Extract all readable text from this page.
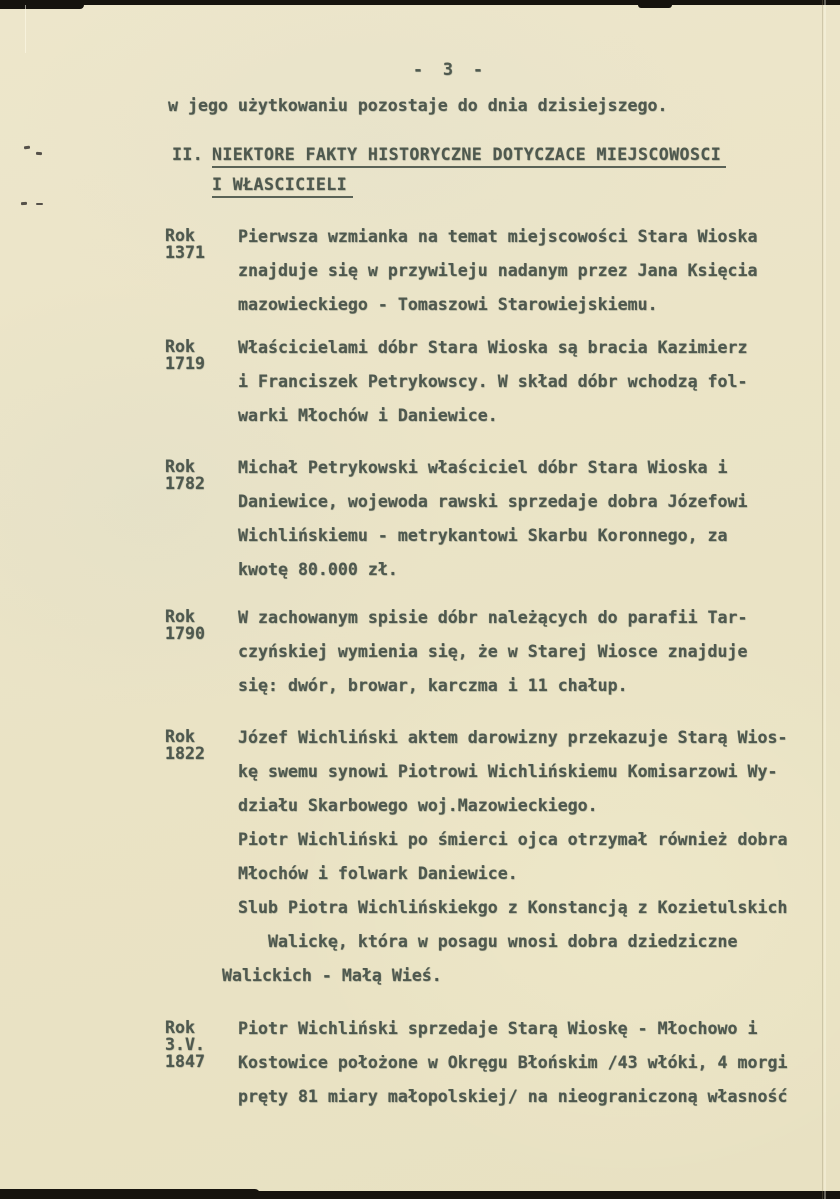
-  3  -
w jego użytkowaniu pozostaje do dnia dzisiejszego.
II. NIEKTORE FAKTY HISTORYCZNE DOTYCZACE MIEJSCOWOSCI
I WŁASCICIELI
Rok
1371
Pierwsza wzmianka na temat miejscowości Stara Wioska
znajduje się w przywileju nadanym przez Jana Księcia
mazowieckiego - Tomaszowi Starowiejskiemu.
Rok
1719
Właścicielami dóbr Stara Wioska są bracia Kazimierz
i Franciszek Petrykowscy. W skład dóbr wchodzą fol-
warki Młochów i Daniewice.
Rok
1782
Michał Petrykowski właściciel dóbr Stara Wioska i
Daniewice, wojewoda rawski sprzedaje dobra Józefowi
Wichlińskiemu - metrykantowi Skarbu Koronnego, za
kwotę 80.000 zł.
Rok
1790
W zachowanym spisie dóbr należących do parafii Tar-
czyńskiej wymienia się, że w Starej Wiosce znajduje
się: dwór, browar, karczma i 11 chałup.
Rok
1822
Józef Wichliński aktem darowizny przekazuje Starą Wios-
kę swemu synowi Piotrowi Wichlińskiemu Komisarzowi Wy-
działu Skarbowego woj.Mazowieckiego.
Piotr Wichliński po śmierci ojca otrzymał również dobra
Młochów i folwark Daniewice.
Slub Piotra Wichlińskiekgo z Konstancją z Kozietulskich
Walickę, która w posagu wnosi dobra dziedziczne
Walickich - Małą Wieś.
Rok
3.V.
1847
Piotr Wichliński sprzedaje Starą Wioskę - Młochowo i
Kostowice położone w Okręgu Błońskim /43 włóki, 4 morgi
pręty 81 miary małopolskiej/ na nieograniczoną własność
